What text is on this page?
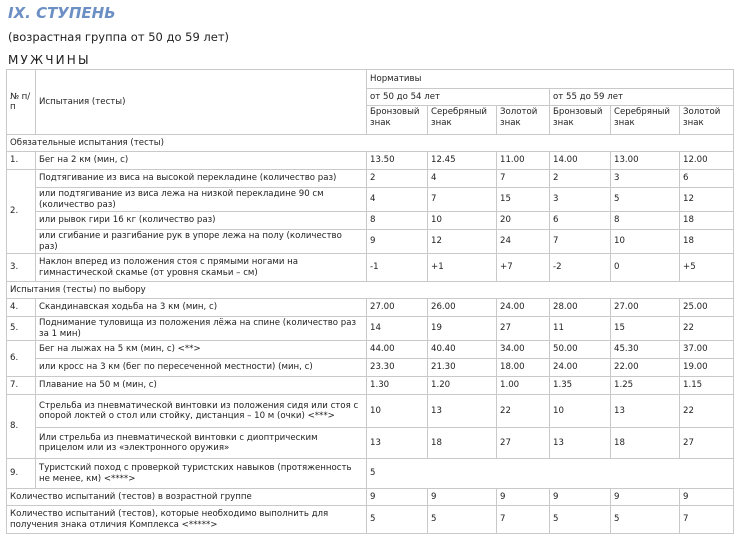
IX. СТУПЕНЬ
(возрастная группа от 50 до 59 лет)
МУЖЧИНЫ
№ п/п	Испытания (тесты)	Нормативы					
		от 50 до 54 лет			от 55 до 59 лет		
		Бронзовый знак	Серебряный знак	Золотой знак	Бронзовый знак	Серебряный знак	Золотой знак
Обязательные испытания (тесты)							
1.	Бег на 2 км (мин, с)	13.50	12.45	11.00	14.00	13.00	12.00
2.	Подтягивание из виса на высокой перекладине (количество раз)	2	4	7	2	3	6
	или подтягивание из виса лежа на низкой перекладине 90 см (количество раз)	4	7	15	3	5	12
	или рывок гири 16 кг (количество раз)	8	10	20	6	8	18
	или сгибание и разгибание рук в упоре лежа на полу (количество раз)	9	12	24	7	10	18
3.	Наклон вперед из положения стоя с прямыми ногами на гимнастической скамье (от уровня скамьи – см)	-1	+1	+7	-2	0	+5
Испытания (тесты) по выбору							
4.	Скандинавская ходьба на 3 км (мин, с)	27.00	26.00	24.00	28.00	27.00	25.00
5.	Поднимание туловища из положения лёжа на спине (количество раз за 1 мин)	14	19	27	11	15	22
6.	Бег на лыжах на 5 км (мин, с) <**>	44.00	40.40	34.00	50.00	45.30	37.00
	или кросс на 3 км (бег по пересеченной местности) (мин, с)	23.30	21.30	18.00	24.00	22.00	19.00
7.	Плавание на 50 м (мин, с)	1.30	1.20	1.00	1.35	1.25	1.15
8.	Стрельба из пневматической винтовки из положения сидя или стоя с опорой локтей о стол или стойку, дистанция – 10 м (очки) <***>	10	13	22	10	13	22
	Или стрельба из пневматической винтовки с диоптрическим прицелом или из «электронного оружия»	13	18	27	13	18	27
9.	Туристский поход с проверкой туристских навыков (протяженность не менее, км) <****>	5					
Количество испытаний (тестов) в возрастной группе		9	9	9	9	9	9
Количество испытаний (тестов), которые необходимо выполнить для получения знака отличия Комплекса <*****>		5	5	7	5	5	7
